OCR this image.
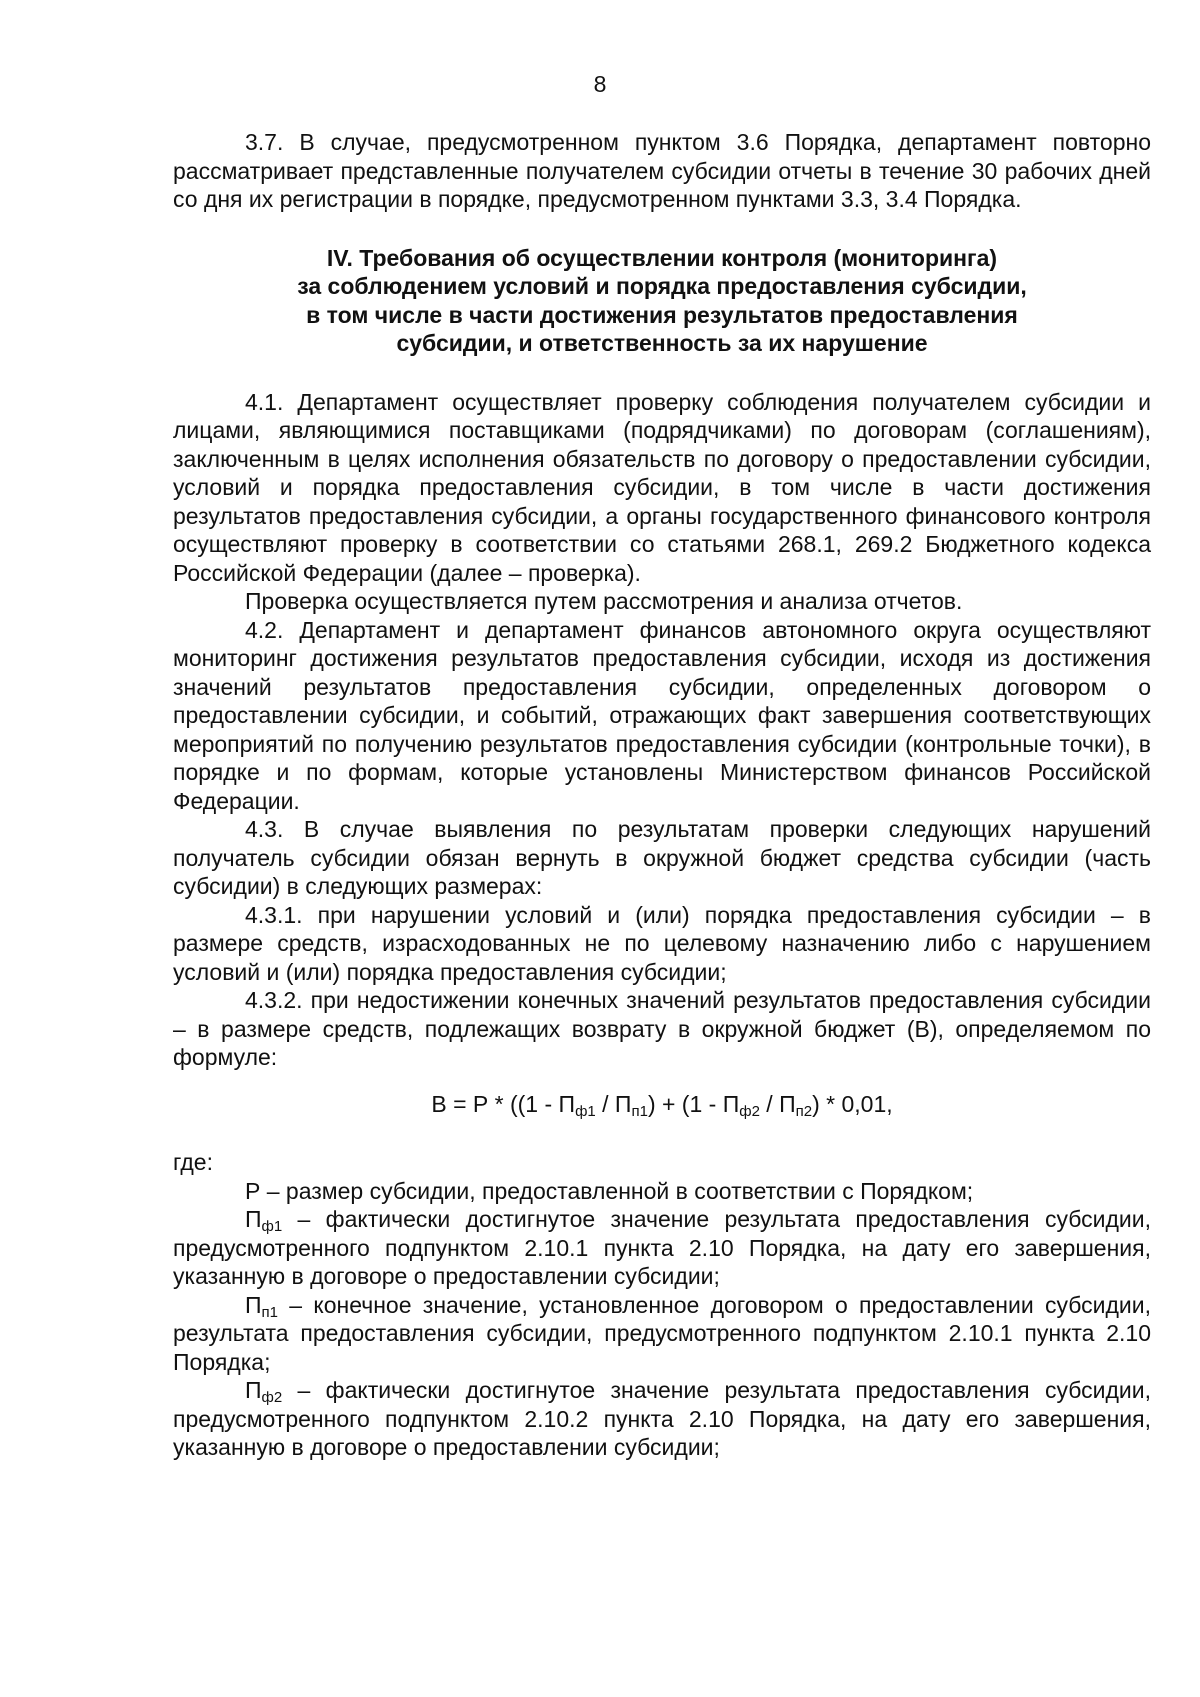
8

3.7. В случае, предусмотренном пунктом 3.6 Порядка, департамент повторно рассматривает представленные получателем субсидии отчеты в течение 30 рабочих дней со дня их регистрации в порядке, предусмотренном пунктами 3.3, 3.4 Порядка.

IV. Требования об осуществлении контроля (мониторинга)
за соблюдением условий и порядка предоставления субсидии,
в том числе в части достижения результатов предоставления
субсидии, и ответственность за их нарушение

4.1. Департамент осуществляет проверку соблюдения получателем субсидии и лицами, являющимися поставщиками (подрядчиками) по договорам (соглашениям), заключенным в целях исполнения обязательств по договору о предоставлении субсидии, условий и порядка предоставления субсидии, в том числе в части достижения результатов предоставления субсидии, а органы государственного финансового контроля осуществляют проверку в соответствии со статьями 268.1, 269.2 Бюджетного кодекса Российской Федерации (далее – проверка).

Проверка осуществляется путем рассмотрения и анализа отчетов.

4.2. Департамент и департамент финансов автономного округа осуществляют мониторинг достижения результатов предоставления субсидии, исходя из достижения значений результатов предоставления субсидии, определенных договором о предоставлении субсидии, и событий, отражающих факт завершения соответствующих мероприятий по получению результатов предоставления субсидии (контрольные точки), в порядке и по формам, которые установлены Министерством финансов Российской Федерации.

4.3. В случае выявления по результатам проверки следующих нарушений получатель субсидии обязан вернуть в окружной бюджет средства субсидии (часть субсидии) в следующих размерах:

4.3.1. при нарушении условий и (или) порядка предоставления субсидии – в размере средств, израсходованных не по целевому назначению либо с нарушением условий и (или) порядка предоставления субсидии;

4.3.2. при недостижении конечных значений результатов предоставления субсидии – в размере средств, подлежащих возврату в окружной бюджет (В), определяемом по формуле:

$В = Р * ((1 - П_{ф1} / П_{п1}) + (1 - П_{ф2} / П_{п2}) * 0,01$,

где:

Р – размер субсидии, предоставленной в соответствии с Порядком;

$П_{ф1}$ – фактически достигнутое значение результата предоставления субсидии, предусмотренного подпунктом 2.10.1 пункта 2.10 Порядка, на дату его завершения, указанную в договоре о предоставлении субсидии;

$П_{п1}$ – конечное значение, установленное договором о предоставлении субсидии, результата предоставления субсидии, предусмотренного подпунктом 2.10.1 пункта 2.10 Порядка;

$П_{ф2}$ – фактически достигнутое значение результата предоставления субсидии, предусмотренного подпунктом 2.10.2 пункта 2.10 Порядка, на дату его завершения, указанную в договоре о предоставлении субсидии;
